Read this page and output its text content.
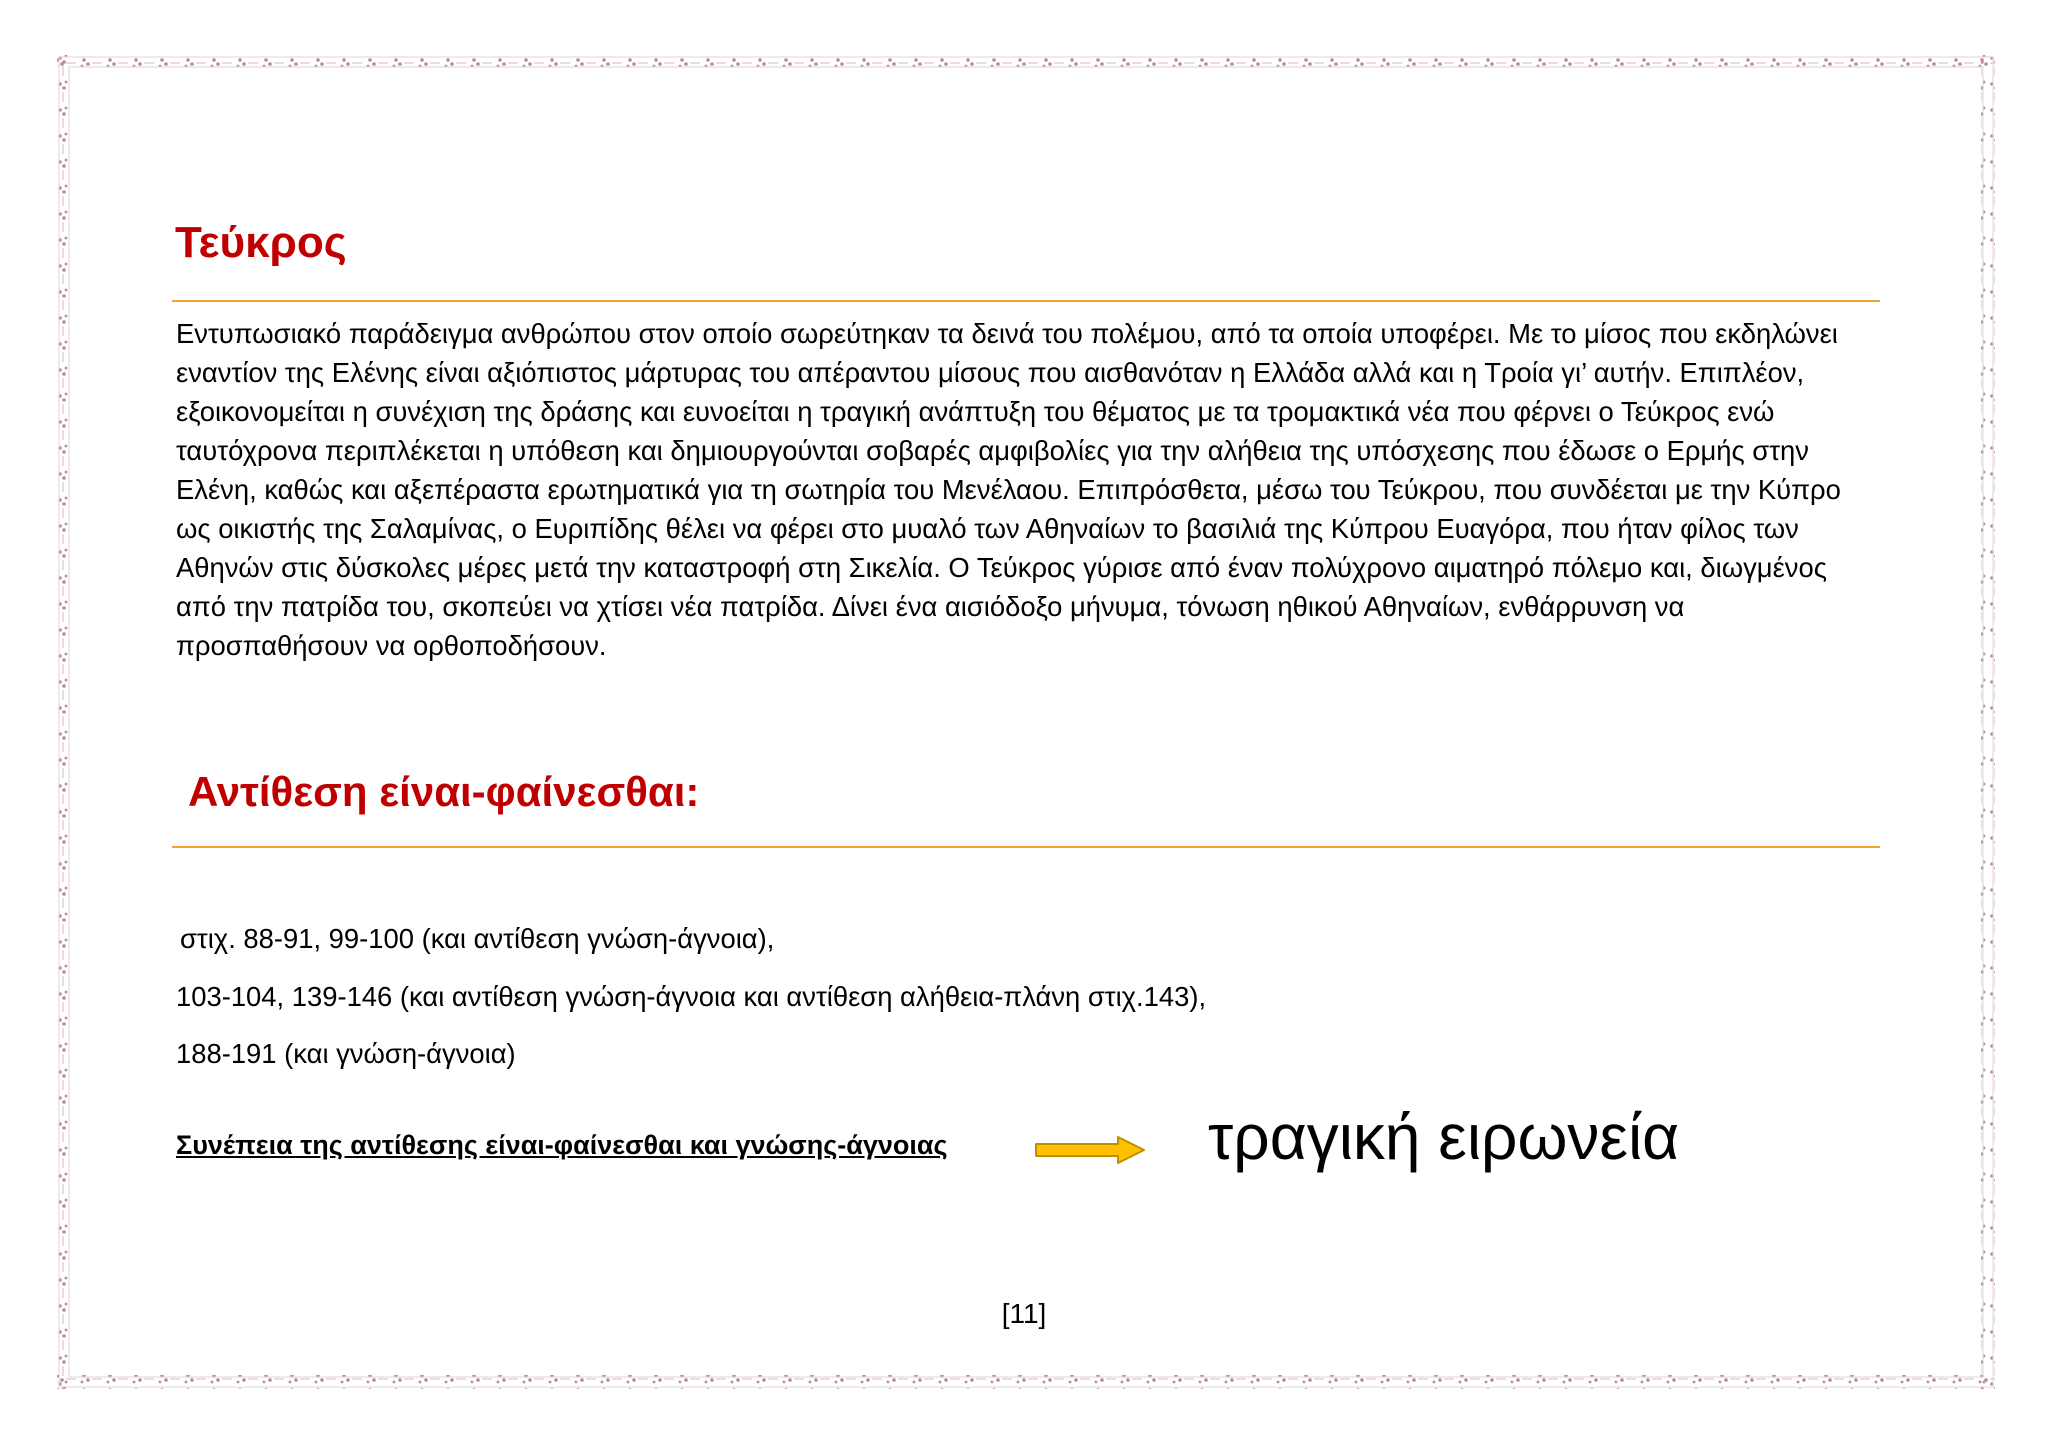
Τεύκρος

Εντυπωσιακό παράδειγμα ανθρώπου στον οποίο σωρεύτηκαν τα δεινά του πολέμου, από τα οποία υποφέρει. Με το μίσος που εκδηλώνει εναντίον της Ελένης είναι αξιόπιστος μάρτυρας του απέραντου μίσους που αισθανόταν η Ελλάδα αλλά και η Τροία γι’ αυτήν. Επιπλέον, εξοικονομείται η συνέχιση της δράσης και ευνοείται η τραγική ανάπτυξη του θέματος με τα τρομακτικά νέα που φέρνει ο Τεύκρος ενώ ταυτόχρονα περιπλέκεται η υπόθεση και δημιουργούνται σοβαρές αμφιβολίες για την αλήθεια της υπόσχεσης που έδωσε ο Ερμής στην Ελένη, καθώς και αξεπέραστα ερωτηματικά για τη σωτηρία του Μενέλαου. Επιπρόσθετα, μέσω του Τεύκρου, που συνδέεται με την Κύπρο ως οικιστής της Σαλαμίνας, ο Ευριπίδης θέλει να φέρει στο μυαλό των Αθηναίων το βασιλιά της Κύπρου Ευαγόρα, που ήταν φίλος των Αθηνών στις δύσκολες μέρες μετά την καταστροφή στη Σικελία. Ο Τεύκρος γύρισε από έναν πολύχρονο αιματηρό πόλεμο και, διωγμένος από την πατρίδα του, σκοπεύει να χτίσει νέα πατρίδα. Δίνει ένα αισιόδοξο μήνυμα, τόνωση ηθικού Αθηναίων, ενθάρρυνση να προσπαθήσουν να ορθοποδήσουν.

Αντίθεση είναι-φαίνεσθαι:

στιχ. 88-91, 99-100 (και αντίθεση γνώση-άγνοια),

103-104, 139-146 (και αντίθεση γνώση-άγνοια και αντίθεση αλήθεια-πλάνη στιχ.143),

188-191 (και γνώση-άγνοια)

Συνέπεια της αντίθεσης είναι-φαίνεσθαι και γνώσης-άγνοιας	τραγική ειρωνεία

[11]
